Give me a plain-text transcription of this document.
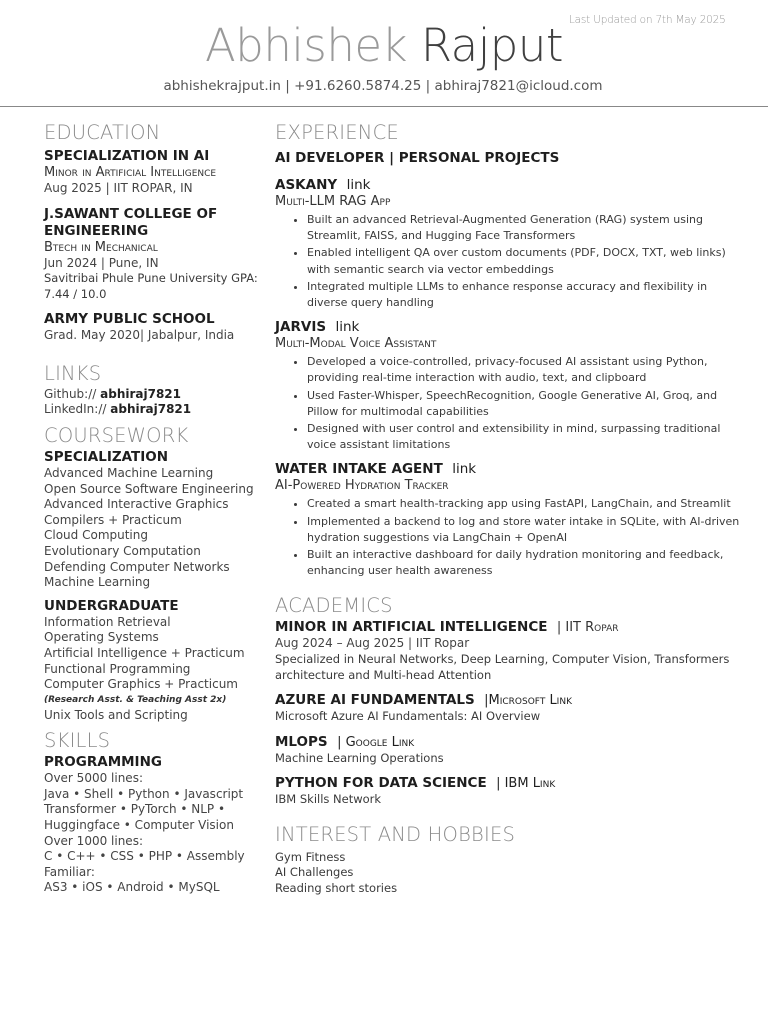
Last Updated on 7th May 2025
Abhishek Rajput
abhishekrajput.in | +91.6260.5874.25 | abhiraj7821@icloud.com
EDUCATION
SPECIALIZATION IN AI
Minor in Artificial Intelligence
Aug 2025 | IIT ROPAR, IN
J.SAWANT COLLEGE OF ENGINEERING
Btech in Mechanical
Jun 2024 | Pune, IN
Savitribai Phule Pune University GPA: 7.44 / 10.0
ARMY PUBLIC SCHOOL
Grad. May 2020| Jabalpur, India
LINKS
Github:// abhiraj7821
LinkedIn:// abhiraj7821
COURSEWORK
SPECIALIZATION
Advanced Machine Learning
Open Source Software Engineering
Advanced Interactive Graphics
Compilers + Practicum
Cloud Computing
Evolutionary Computation
Defending Computer Networks
Machine Learning
UNDERGRADUATE
Information Retrieval
Operating Systems
Artificial Intelligence + Practicum
Functional Programming
Computer Graphics + Practicum
(Research Asst. & Teaching Asst 2x)
Unix Tools and Scripting
SKILLS
PROGRAMMING
Over 5000 lines:
Java • Shell • Python • Javascript
Transformer • PyTorch • NLP •
Huggingface • Computer Vision
Over 1000 lines:
C • C++ • CSS • PHP • Assembly
Familiar:
AS3 • iOS • Android • MySQL
EXPERIENCE
AI DEVELOPER | PERSONAL PROJECTS
ASKANY link
Multi-LLM RAG App
• Built an advanced Retrieval-Augmented Generation (RAG) system using Streamlit, FAISS, and Hugging Face Transformers
• Enabled intelligent QA over custom documents (PDF, DOCX, TXT, web links) with semantic search via vector embeddings
• Integrated multiple LLMs to enhance response accuracy and flexibility in diverse query handling
JARVIS link
Multi-Modal Voice Assistant
• Developed a voice-controlled, privacy-focused AI assistant using Python, providing real-time interaction with audio, text, and clipboard
• Used Faster-Whisper, SpeechRecognition, Google Generative AI, Groq, and Pillow for multimodal capabilities
• Designed with user control and extensibility in mind, surpassing traditional voice assistant limitations
WATER INTAKE AGENT link
AI-Powered Hydration Tracker
• Created a smart health-tracking app using FastAPI, LangChain, and Streamlit
• Implemented a backend to log and store water intake in SQLite, with AI-driven hydration suggestions via LangChain + OpenAI
• Built an interactive dashboard for daily hydration monitoring and feedback, enhancing user health awareness
ACADEMICS
MINOR IN ARTIFICIAL INTELLIGENCE | IIT Ropar
Aug 2024 – Aug 2025 | IIT Ropar
Specialized in Neural Networks, Deep Learning, Computer Vision, Transformers architecture and Multi-head Attention
AZURE AI FUNDAMENTALS |Microsoft Link
Microsoft Azure AI Fundamentals: AI Overview
MLOPS | Google Link
Machine Learning Operations
PYTHON FOR DATA SCIENCE | IBM Link
IBM Skills Network
INTEREST AND HOBBIES
Gym Fitness
AI Challenges
Reading short stories
